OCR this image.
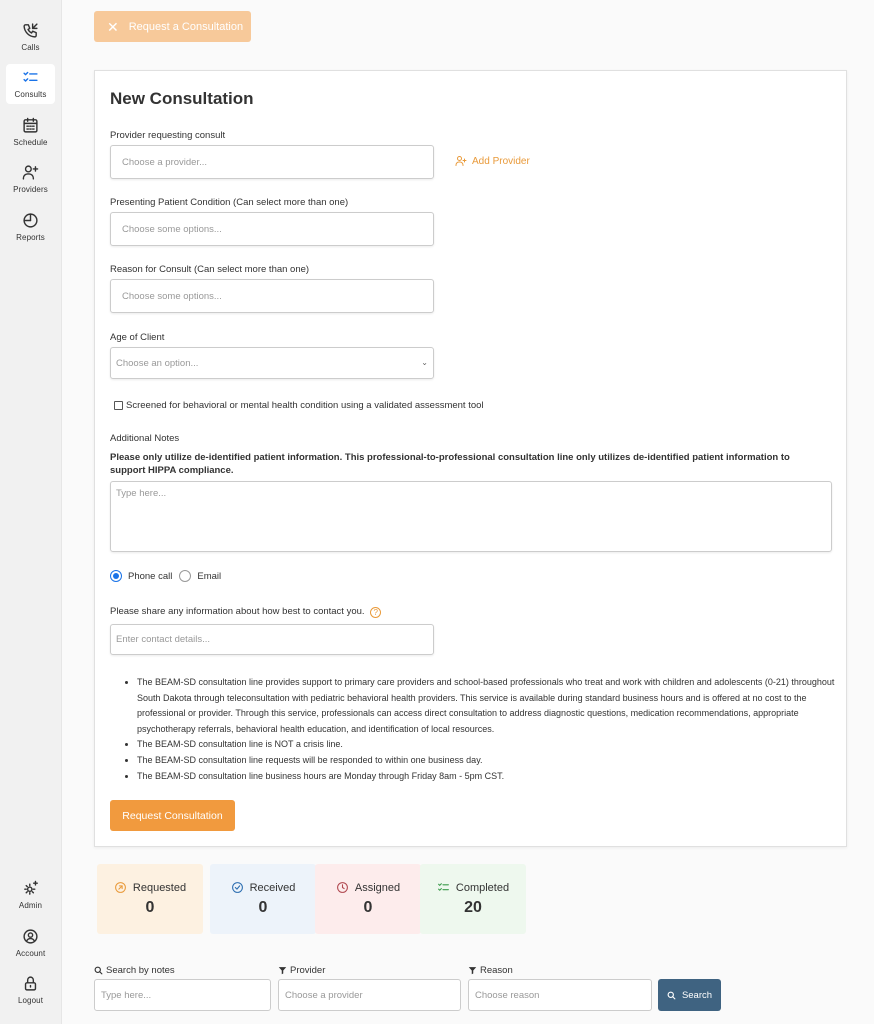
Calls
Consults
Schedule
Providers
Reports
Admin
Account
Logout
✕ Request a Consultation
New Consultation
Provider requesting consult
Choose a provider...	Add Provider
Presenting Patient Condition (Can select more than one)
Choose some options...
Reason for Consult (Can select more than one)
Choose some options...
Age of Client
Choose an option...	⌄
Screened for behavioral or mental health condition using a validated assessment tool
Additional Notes
Please only utilize de-identified patient information. This professional-to-professional consultation line only utilizes de-identified patient information to support HIPPA compliance.
Type here...
Phone call	Email
Please share any information about how best to contact you. ?
Enter contact details...
• The BEAM-SD consultation line provides support to primary care providers and school-based professionals who treat and work with children and adolescents (0-21) throughout South Dakota through teleconsultation with pediatric behavioral health providers. This service is available during standard business hours and is offered at no cost to the professional or provider. Through this service, professionals can access direct consultation to address diagnostic questions, medication recommendations, appropriate psychotherapy referrals, behavioral health education, and identification of local resources.
• The BEAM-SD consultation line is NOT a crisis line.
• The BEAM-SD consultation line requests will be responded to within one business day.
• The BEAM-SD consultation line business hours are Monday through Friday 8am - 5pm CST.
Request Consultation
Requested
0
Received
0
Assigned
0
Completed
20
Search by notes
Type here...
Provider
Choose a provider
Reason
Choose reason	Search
